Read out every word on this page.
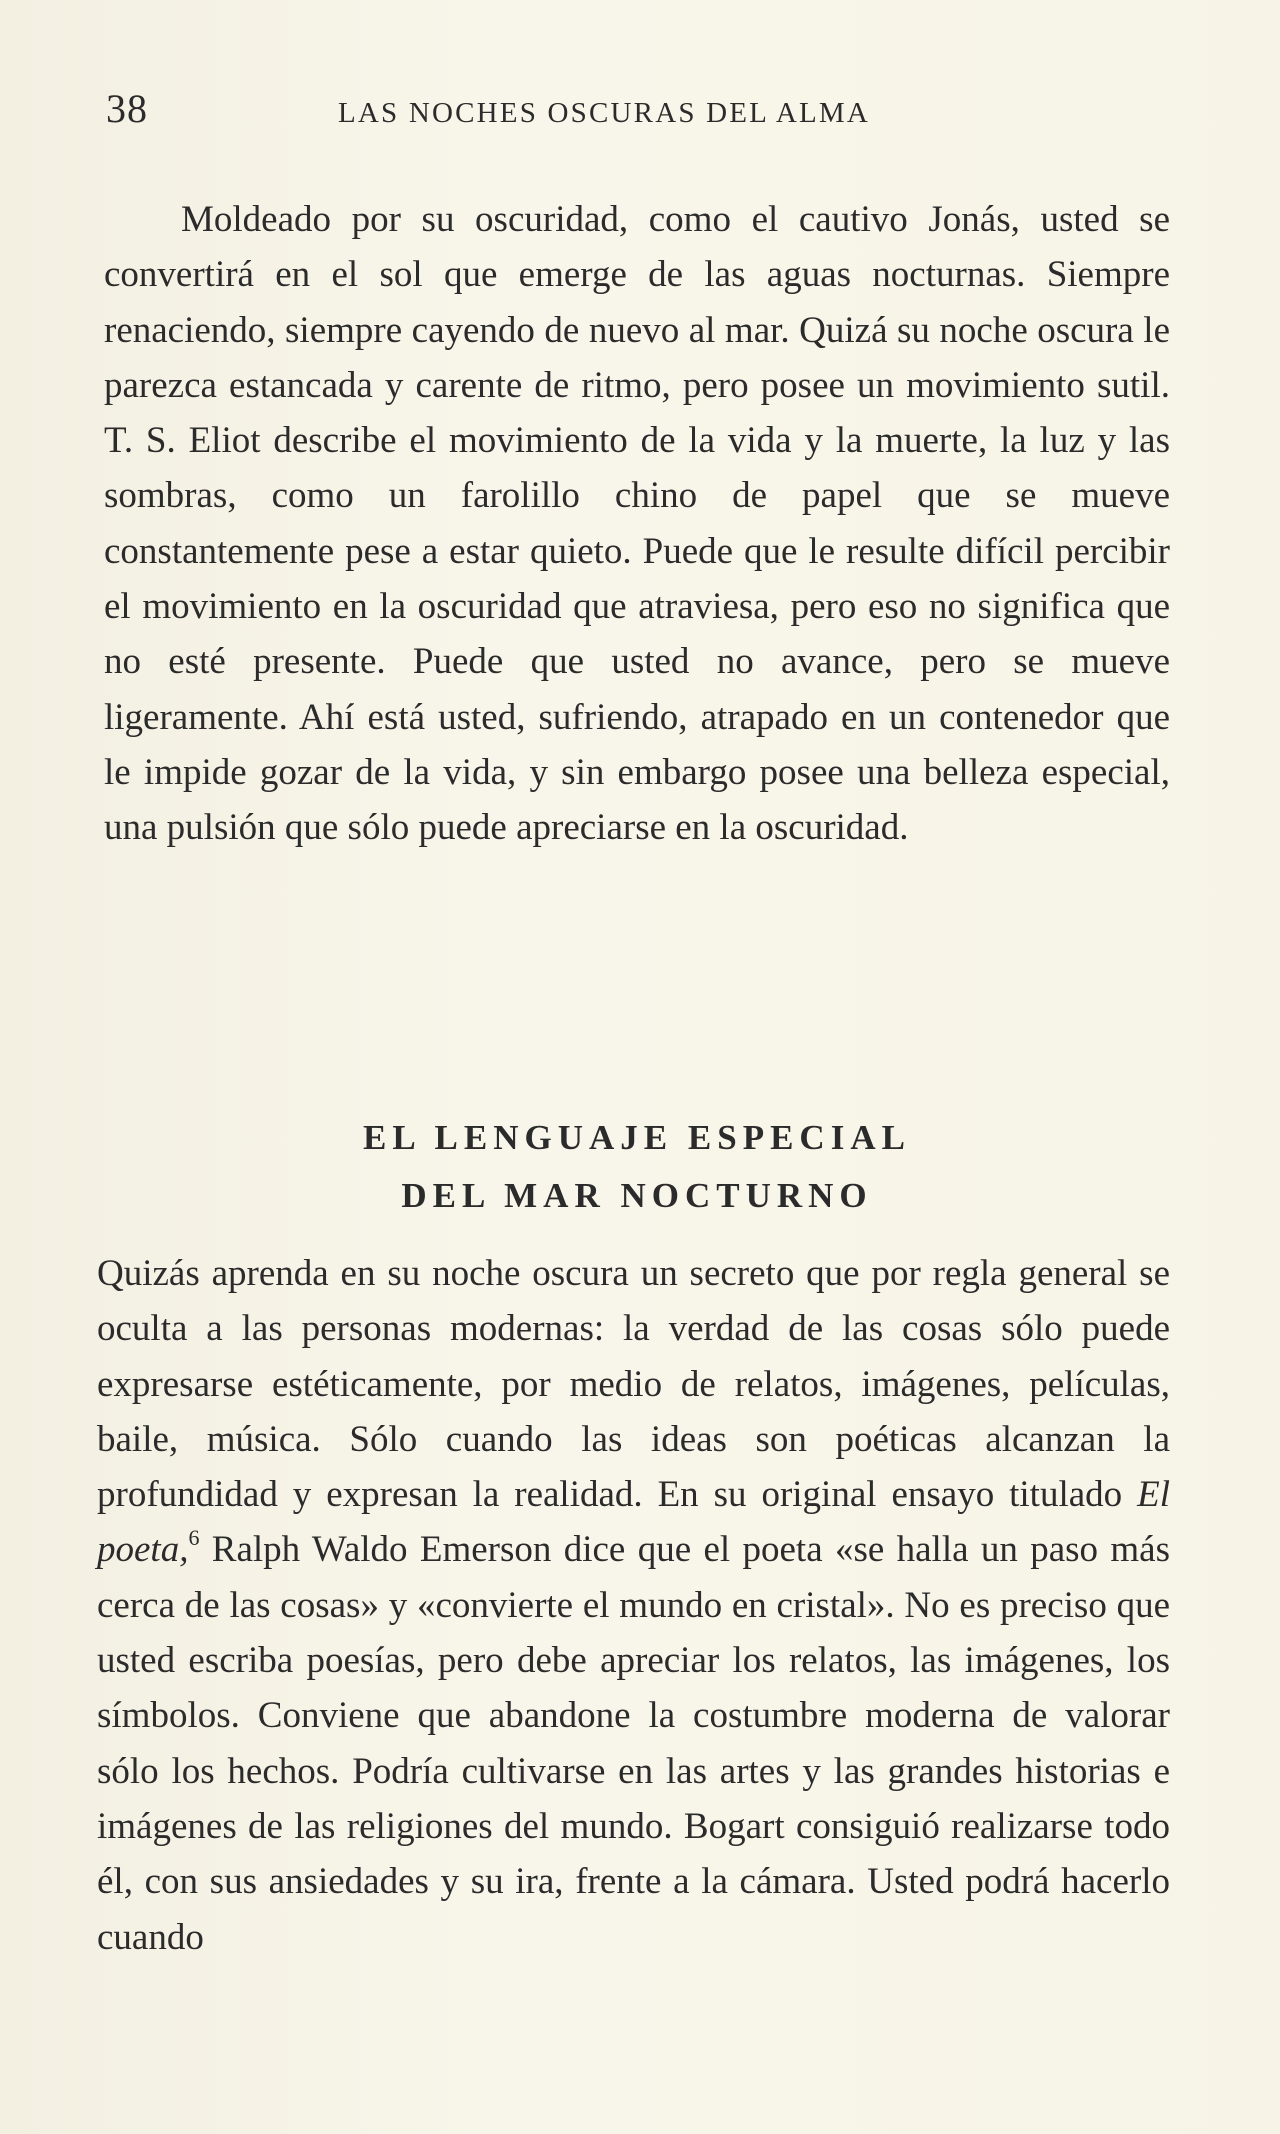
38	LAS NOCHES OSCURAS DEL ALMA

Moldeado por su oscuridad, como el cautivo Jonás, usted se convertirá en el sol que emerge de las aguas nocturnas. Siempre renaciendo, siempre cayendo de nuevo al mar. Quizá su noche oscura le parezca estancada y carente de ritmo, pero posee un movimiento sutil. T. S. Eliot describe el movimiento de la vida y la muerte, la luz y las sombras, como un farolillo chino de papel que se mueve constantemente pese a estar quieto. Puede que le resulte difícil percibir el movimiento en la oscuridad que atraviesa, pero eso no significa que no esté presente. Puede que usted no avance, pero se mueve ligeramente. Ahí está usted, sufriendo, atrapado en un contenedor que le impide gozar de la vida, y sin embargo posee una belleza especial, una pulsión que sólo puede apreciarse en la oscuridad.

EL LENGUAJE ESPECIAL
DEL MAR NOCTURNO

Quizás aprenda en su noche oscura un secreto que por regla general se oculta a las personas modernas: la verdad de las cosas sólo puede expresarse estéticamente, por medio de relatos, imágenes, películas, baile, música. Sólo cuando las ideas son poéticas alcanzan la profundidad y expresan la realidad. En su original ensayo titulado El poeta,$^6$ Ralph Waldo Emerson dice que el poeta «se halla un paso más cerca de las cosas» y «convierte el mundo en cristal». No es preciso que usted escriba poesías, pero debe apreciar los relatos, las imágenes, los símbolos. Conviene que abandone la costumbre moderna de valorar sólo los hechos. Podría cultivarse en las artes y las grandes historias e imágenes de las religiones del mundo. Bogart consiguió realizarse todo él, con sus ansiedades y su ira, frente a la cámara. Usted podrá hacerlo cuando
